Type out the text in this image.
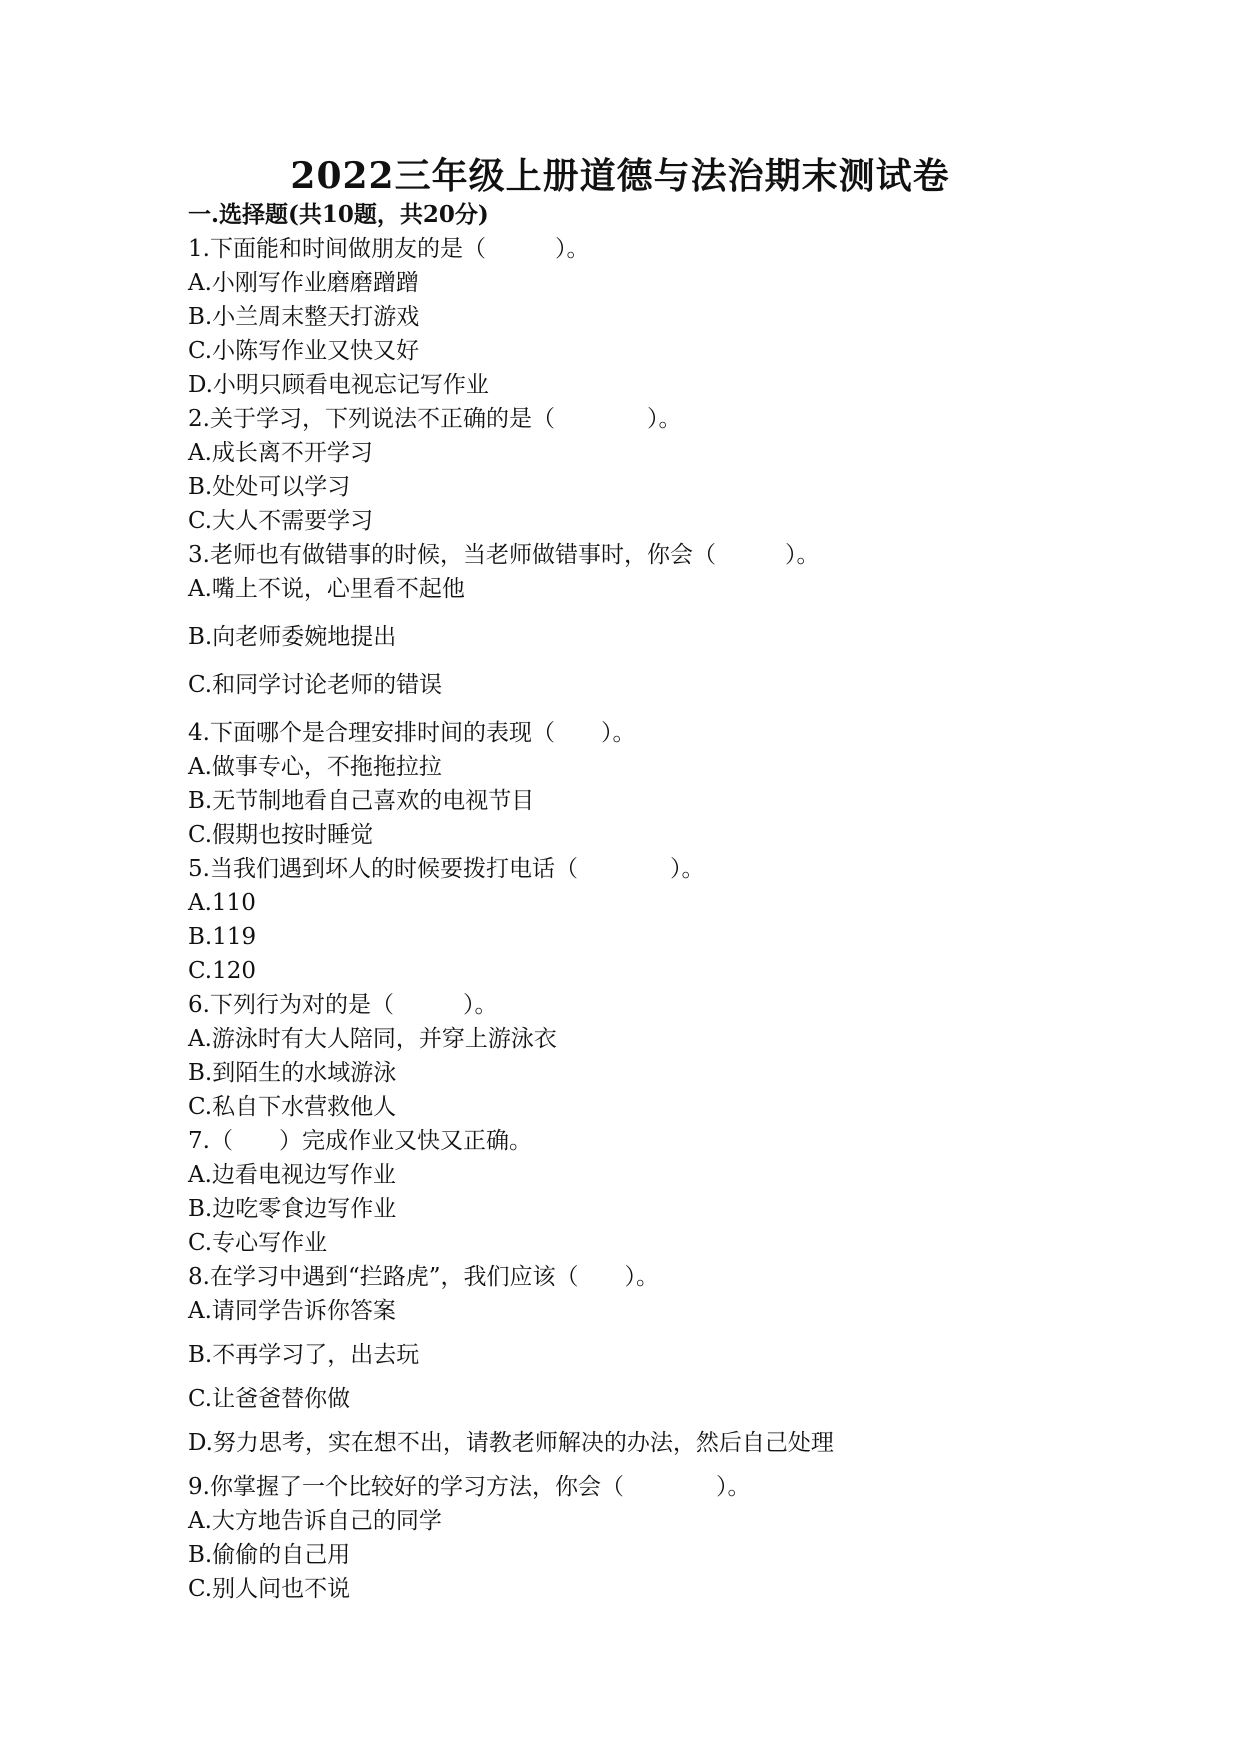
2022三年级上册道德与法治期末测试卷
一.选择题(共10题，共20分)
1.下面能和时间做朋友的是（　　　）。
A.小刚写作业磨磨蹭蹭
B.小兰周末整天打游戏
C.小陈写作业又快又好
D.小明只顾看电视忘记写作业
2.关于学习，下列说法不正确的是（　　　　）。
A.成长离不开学习
B.处处可以学习
C.大人不需要学习
3.老师也有做错事的时候，当老师做错事时，你会（　　　）。
A.嘴上不说，心里看不起他
B.向老师委婉地提出
C.和同学讨论老师的错误
4.下面哪个是合理安排时间的表现（　　）。
A.做事专心，不拖拖拉拉
B.无节制地看自己喜欢的电视节目
C.假期也按时睡觉
5.当我们遇到坏人的时候要拨打电话（　　　　）。
A.110
B.119
C.120
6.下列行为对的是（　　　）。
A.游泳时有大人陪同，并穿上游泳衣
B.到陌生的水域游泳
C.私自下水营救他人
7.（　　）完成作业又快又正确。
A.边看电视边写作业
B.边吃零食边写作业
C.专心写作业
8.在学习中遇到“拦路虎”，我们应该（　　）。
A.请同学告诉你答案
B.不再学习了，出去玩
C.让爸爸替你做
D.努力思考，实在想不出，请教老师解决的办法，然后自己处理
9.你掌握了一个比较好的学习方法，你会（　　　　）。
A.大方地告诉自己的同学
B.偷偷的自己用
C.别人问也不说
